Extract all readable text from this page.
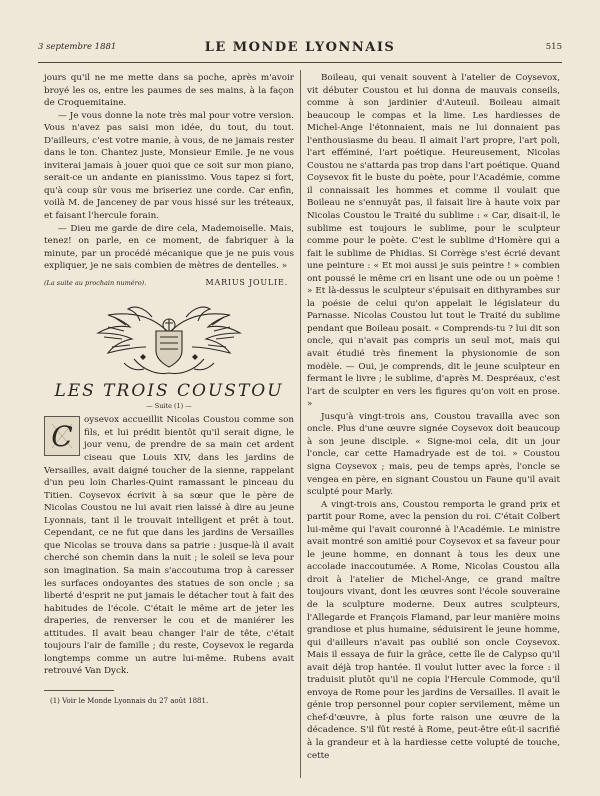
3 septembre 1881	LE MONDE LYONNAIS	515

jours qu'il ne me mette dans sa poche, après m'avoir broyé les os, entre les paumes de ses mains, à la façon de Croquemitaine.

— Je vous donne la note très mal pour votre version. Vous n'avez pas saisi mon idée, du tout, du tout. D'ailleurs, c'est votre manie, à vous, de ne jamais rester dans le ton. Chantez juste, Monsieur Emile. Je ne vous inviterai jamais à jouer quoi que ce soit sur mon piano, serait-ce un andante en pianissimo. Vous tapez si fort, qu'à coup sûr vous me briseriez une corde. Car enfin, voilà M. de Janceney de par vous hissé sur les tréteaux, et faisant l'hercule forain.

— Dieu me garde de dire cela, Mademoiselle. Mais, tenez! on parle, en ce moment, de fabriquer à la minute, par un procédé mécanique que je ne puis vous expliquer, je ne sais combien de mètres de dentelles. »

(La suite au prochain numéro).	MARIUS JOULIE.
LES TROIS COUSTOU
— Suite (1) —

C oysevox accueillit Nicolas Coustou comme son fils, et lui prédit bientôt qu'il serait digne, le jour venu, de prendre de sa main cet ardent ciseau que Louis XIV, dans les jardins de Versailles, avait daigné toucher de la sienne, rappelant d'un peu loin Charles-Quint ramassant le pinceau du Titien. Coysevox écrivit à sa sœur que le père de Nicolas Coustou ne lui avait rien laissé à dire au jeune Lyonnais, tant il le trouvait intelligent et prêt à tout. Cependant, ce ne fut que dans les jardins de Versailles que Nicolas se trouva dans sa patrie : jusque-là il avait cherché son chemin dans la nuit ; le soleil se leva pour son imagination. Sa main s'accoutuma trop à caresser les surfaces ondoyantes des statues de son oncle ; sa liberté d'esprit ne put jamais le détacher tout à fait des habitudes de l'école. C'était le même art de jeter les draperies, de renverser le cou et de maniérer les attitudes. Il avait beau changer l'air de tête, c'était toujours l'air de famille ; du reste, Coysevox le regarda longtemps comme un autre lui-même. Rubens avait retrouvé Van Dyck.

(1) Voir le Monde Lyonnais du 27 août 1881.

Boileau, qui venait souvent à l'atelier de Coysevox, vit débuter Coustou et lui donna de mauvais conseils, comme à son jardinier d'Auteuil. Boileau aimait beaucoup le compas et la lime. Les hardiesses de Michel-Ange l'étonnaient, mais ne lui donnaient pas l'enthousiasme du beau. Il aimait l'art propre, l'art poli, l'art efféminé, l'art poétique. Heureusement, Nicolas Coustou ne s'attarda pas trop dans l'art poétique. Quand Coysevox fit le buste du poète, pour l'Académie, comme il connaissait les hommes et comme il voulait que Boileau ne s'ennuyât pas, il faisait lire à haute voix par Nicolas Coustou le Traité du sublime : « Car, disait-il, le sublime est toujours le sublime, pour le sculpteur comme pour le poète. C'est le sublime d'Homère qui a fait le sublime de Phidias. Si Corrège s'est écrié devant une peinture : « Et moi aussi je suis peintre ! » combien ont poussé le même cri en lisant une ode ou un poème ! » Et là-dessus le sculpteur s'épuisait en dithyrambes sur la poésie de celui qu'on appelait le législateur du Parnasse. Nicolas Coustou lut tout le Traité du sublime pendant que Boileau posait. « Comprends-tu ? lui dit son oncle, qui n'avait pas compris un seul mot, mais qui avait étudié très finement la physionomie de son modèle. — Oui, je comprends, dit le jeune sculpteur en fermant le livre ; le sublime, d'après M. Despréaux, c'est l'art de sculpter en vers les figures qu'on voit en prose. »

Jusqu'à vingt-trois ans, Coustou travailla avec son oncle. Plus d'une œuvre signée Coysevox doit beaucoup à son jeune disciple. « Signe-moi cela, dit un jour l'oncle, car cette Hamadryade est de toi. » Coustou signa Coysevox ; mais, peu de temps après, l'oncle se vengea en père, en signant Coustou un Faune qu'il avait sculpté pour Marly.

A vingt-trois ans, Coustou remporta le grand prix et partit pour Rome, avec la pension du roi. C'était Colbert lui-même qui l'avait couronné à l'Académie. Le ministre avait montré son amitié pour Coysevox et sa faveur pour le jeune homme, en donnant à tous les deux une accolade inaccoutumée. A Rome, Nicolas Coustou alla droit à l'atelier de Michel-Ange, ce grand maître toujours vivant, dont les œuvres sont l'école souveraine de la sculpture moderne. Deux autres sculpteurs, l'Allegarde et François Flamand, par leur manière moins grandiose et plus humaine, séduisirent le jeune homme, qui d'ailleurs n'avait pas oublié son oncle Coysevox. Mais il essaya de fuir la grâce, cette île de Calypso qu'il avait déjà trop hantée. Il voulut lutter avec la force : il traduisit plutôt qu'il ne copia l'Hercule Commode, qu'il envoya de Rome pour les jardins de Versailles. Il avait le génie trop personnel pour copier servilement, même un chef-d'œuvre, à plus forte raison une œuvre de la décadence. S'il fût resté à Rome, peut-être eût-il sacrifié à la grandeur et à la hardiesse cette volupté de touche, cette
